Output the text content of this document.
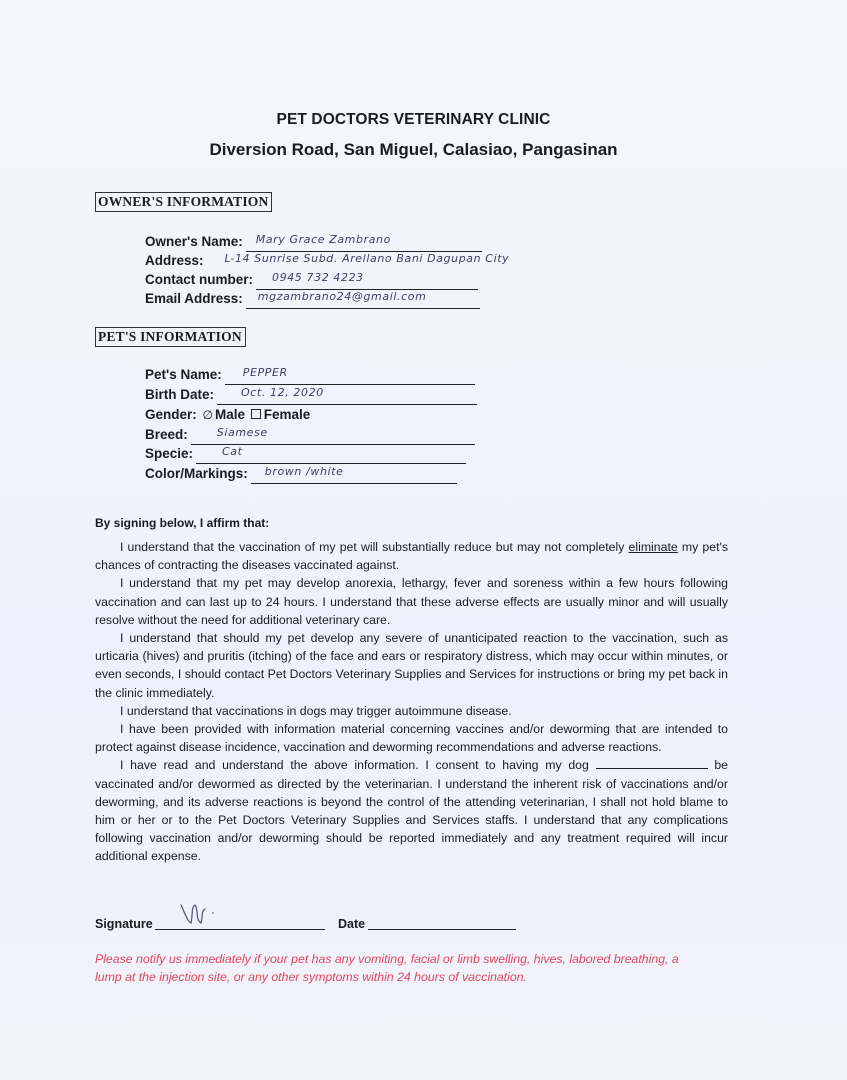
PET DOCTORS VETERINARY CLINIC
Diversion Road, San Miguel, Calasiao, Pangasinan
OWNER'S INFORMATION
Owner's Name: Mary Grace Zambrano
Address: L-14 Sunrise Subd. Arellano Bani Dagupan City
Contact number: 0945 732 4223
Email Address: mgzambrano24@gmail.com
PET'S INFORMATION
Pet's Name: PEPPER
Birth Date: Oct. 12, 2020
Gender: ∅ Male Female
Breed:	Siamese
Specie:	Cat
Color/Markings: brown /white
By signing below, I affirm that:

I understand that the vaccination of my pet will substantially reduce but may not completely eliminate my pet's chances of contracting the diseases vaccinated against.

I understand that my pet may develop anorexia, lethargy, fever and soreness within a few hours following vaccination and can last up to 24 hours. I understand that these adverse effects are usually minor and will usually resolve without the need for additional veterinary care.

I understand that should my pet develop any severe of unanticipated reaction to the vaccination, such as urticaria (hives) and pruritis (itching) of the face and ears or respiratory distress, which may occur within minutes, or even seconds, I should contact Pet Doctors Veterinary Supplies and Services for instructions or bring my pet back in the clinic immediately.

I understand that vaccinations in dogs may trigger autoimmune disease.

I have been provided with information material concerning vaccines and/or deworming that are intended to protect against disease incidence, vaccination and deworming recommendations and adverse reactions.

I have read and understand the above information. I consent to having my dog	be vaccinated and/or dewormed as directed by the veterinarian. I understand the inherent risk of vaccinations and/or deworming, and its adverse reactions is beyond the control of the attending veterinarian, I shall not hold blame to him or her or to the Pet Doctors Veterinary Supplies and Services staffs. I understand that any complications following vaccination and/or deworming should be reported immediately and any treatment required will incur additional expense.

Signature	Date
Please notify us immediately if your pet has any vomiting, facial or limb swelling, hives, labored breathing, a lump at the injection site, or any other symptoms within 24 hours of vaccination.
